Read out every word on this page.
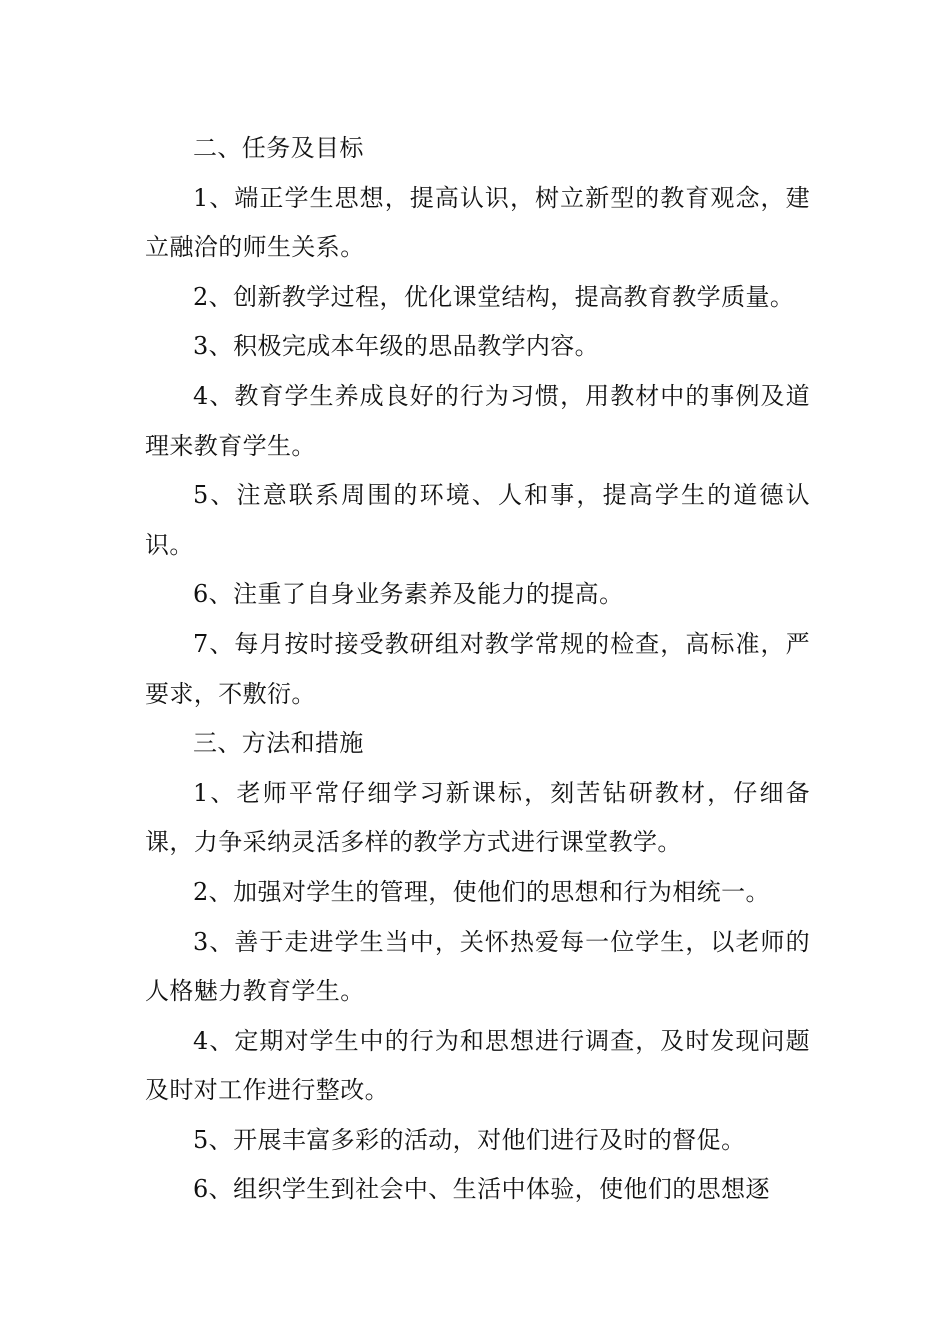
二、任务及目标

1、端正学生思想，提高认识，树立新型的教育观念，建立融洽的师生关系。

2、创新教学过程，优化课堂结构，提高教育教学质量。

3、积极完成本年级的思品教学内容。

4、教育学生养成良好的行为习惯，用教材中的事例及道理来教育学生。

5、注意联系周围的环境、人和事，提高学生的道德认识。

6、注重了自身业务素养及能力的提高。

7、每月按时接受教研组对教学常规的检查，高标准，严要求，不敷衍。

三、方法和措施

1、老师平常仔细学习新课标，刻苦钻研教材，仔细备课，力争采纳灵活多样的教学方式进行课堂教学。

2、加强对学生的管理，使他们的思想和行为相统一。

3、善于走进学生当中，关怀热爱每一位学生，以老师的人格魅力教育学生。

4、定期对学生中的行为和思想进行调查，及时发现问题及时对工作进行整改。

5、开展丰富多彩的活动，对他们进行及时的督促。

6、组织学生到社会中、生活中体验，使他们的思想逐
